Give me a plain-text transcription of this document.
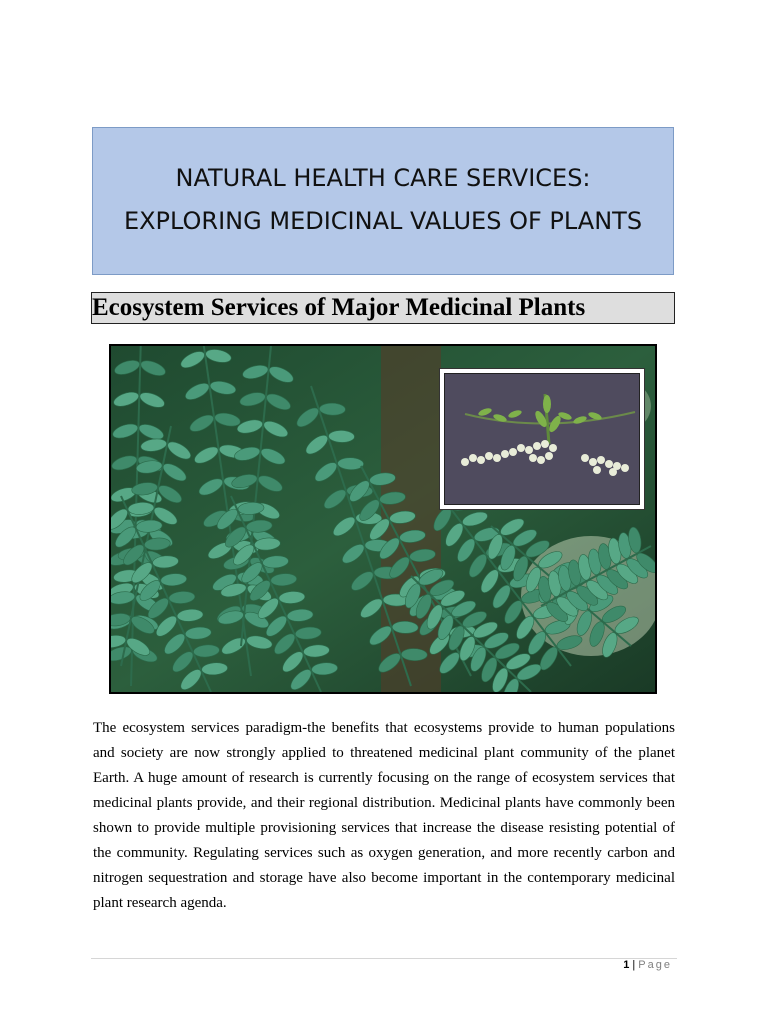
NATURAL HEALTH CARE SERVICES: EXPLORING MEDICINAL VALUES OF PLANTS
Ecosystem Services of Major Medicinal Plants

The ecosystem services paradigm-the benefits that ecosystems provide to human populations and society are now strongly applied to threatened medicinal plant community of the planet Earth. A huge amount of research is currently focusing on the range of ecosystem services that medicinal plants provide, and their regional distribution. Medicinal plants have commonly been shown to provide multiple provisioning services that increase the disease resisting potential of the community. Regulating services such as oxygen generation, and more recently carbon and nitrogen sequestration and storage have also become important in the contemporary medicinal plant research agenda.

1 | Page
